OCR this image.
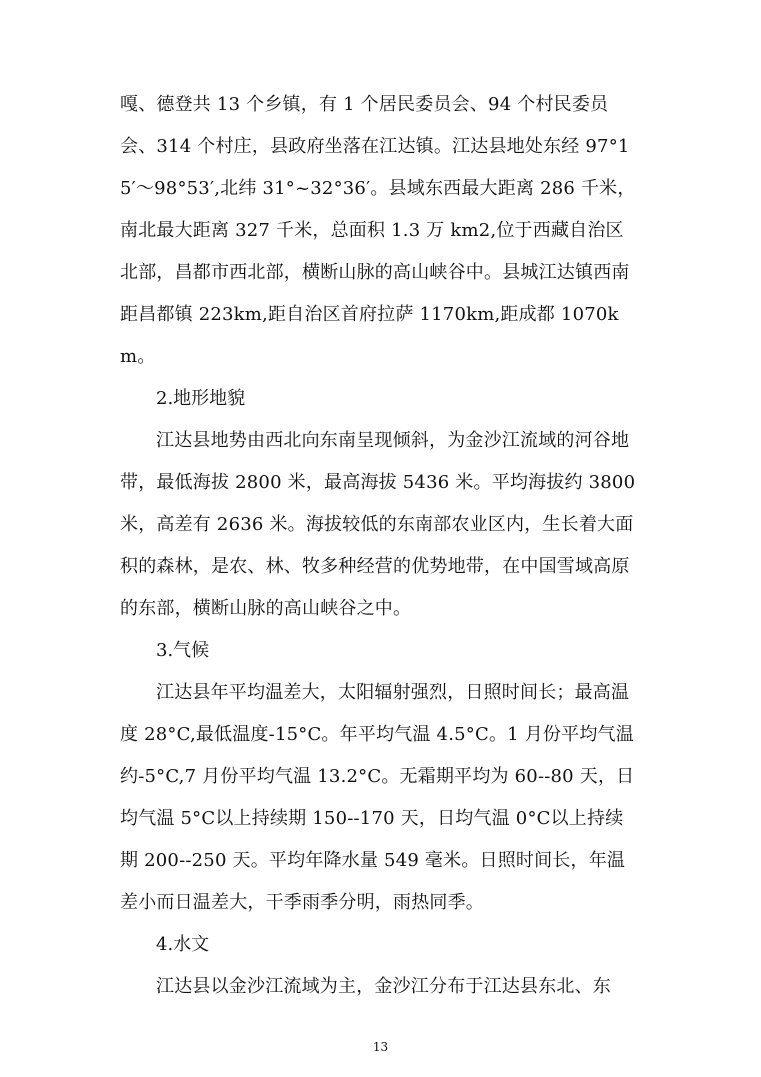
嘎、德登共 13 个乡镇，有 1 个居民委员会、94 个村民委员会、314 个村庄，县政府坐落在江达镇。江达县地处东经 97°15′～98°53′,北纬 31°~32°36′。县域东西最大距离 286 千米，南北最大距离 327 千米，总面积 1.3 万 km2,位于西藏自治区北部，昌都市西北部，横断山脉的高山峡谷中。县城江达镇西南距昌都镇 223km,距自治区首府拉萨 1170km,距成都 1070km。

2.地形地貌

江达县地势由西北向东南呈现倾斜，为金沙江流域的河谷地带，最低海拔 2800 米，最高海拔 5436 米。平均海拔约 3800 米，高差有 2636 米。海拔较低的东南部农业区内，生长着大面积的森林，是农、林、牧多种经营的优势地带，在中国雪域高原的东部，横断山脉的高山峡谷之中。

3.气候

江达县年平均温差大，太阳辐射强烈，日照时间长；最高温度 28°C,最低温度-15°C。年平均气温 4.5°C。1 月份平均气温约-5°C,7 月份平均气温 13.2°C。无霜期平均为 60--80 天，日均气温 5°C以上持续期 150--170 天，日均气温 0°C以上持续期 200--250 天。平均年降水量 549 毫米。日照时间长，年温差小而日温差大，干季雨季分明，雨热同季。

4.水文

江达县以金沙江流域为主，金沙江分布于江达县东北、东

13
